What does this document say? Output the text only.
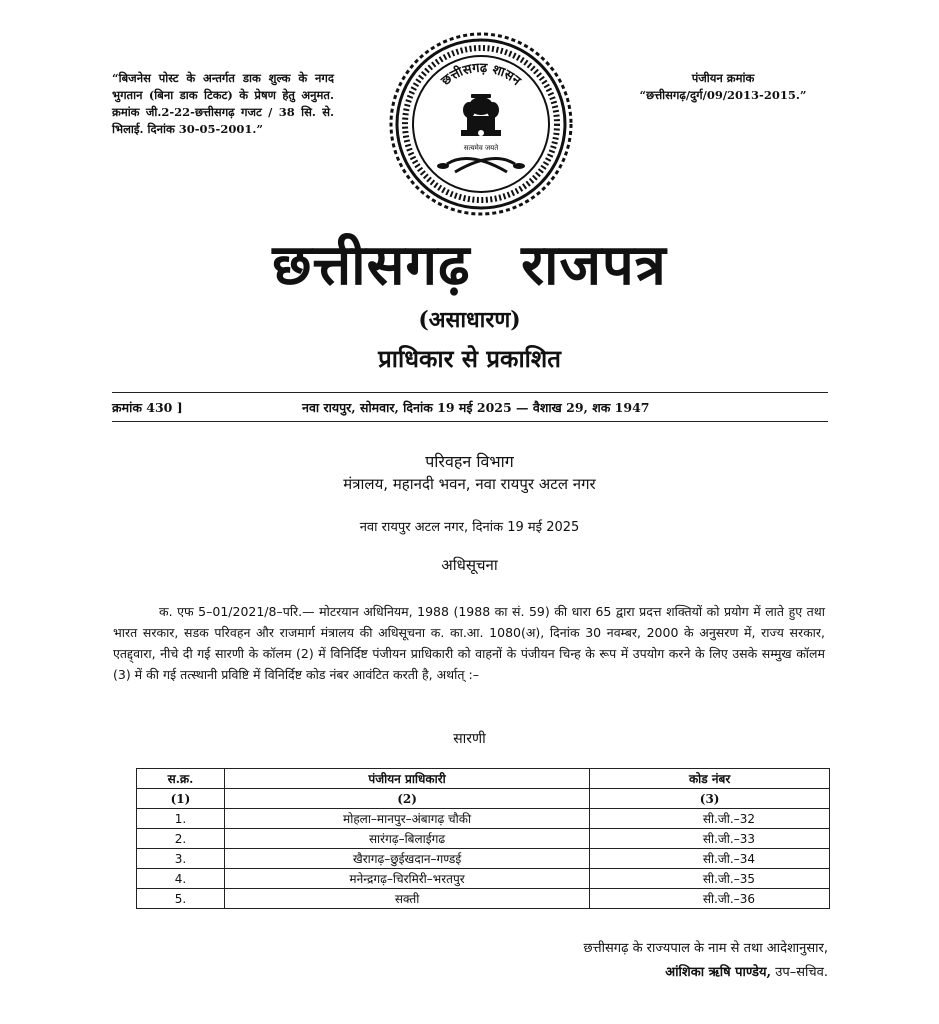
“बिजनेस पोस्ट के अन्तर्गत डाक शुल्क के नगद भुगतान (बिना डाक टिकट) के प्रेषण हेतु अनुमत. क्रमांक जी.2-22-छत्तीसगढ़ गजट / 38 सि. से. भिलाई. दिनांक 30-05-2001.”
पंजीयन क्रमांक
“छत्तीसगढ़/दुर्ग/09/2013-2015.”
छत्तीसगढ़ शासन
सत्यमेव जयते
छत्तीसगढ़ राजपत्र
(असाधारण)
प्राधिकार से प्रकाशित
क्रमांक 430 ]	नवा रायपुर, सोमवार, दिनांक 19 मई 2025 — वैशाख 29, शक 1947
परिवहन विभाग
मंत्रालय, महानदी भवन, नवा रायपुर अटल नगर
नवा रायपुर अटल नगर, दिनांक 19 मई 2025
अधिसूचना
क. एफ 5–01/2021/8–परि.— मोटरयान अधिनियम, 1988 (1988 का सं. 59) की धारा 65 द्वारा प्रदत्त शक्तियों को प्रयोग में लाते हुए तथा भारत सरकार, सडक परिवहन और राजमार्ग मंत्रालय की अधिसूचना क. का.आ. 1080(अ), दिनांक 30 नवम्बर, 2000 के अनुसरण में, राज्य सरकार, एतद्द्वारा, नीचे दी गई सारणी के कॉलम (2) में विनिर्दिष्ट पंजीयन प्राधिकारी को वाहनों के पंजीयन चिन्ह के रूप में उपयोग करने के लिए उसके सम्मुख कॉलम (3) में की गई तत्स्थानी प्रविष्टि में विनिर्दिष्ट कोड नंबर आवंटित करती है, अर्थात् :–
सारणी
स.क्र.	पंजीयन प्राधिकारी	कोड नंबर
(1)	(2)	(3)
1.	मोहला–मानपुर–अंबागढ़ चौकी	सी.जी.–32
2.	सारंगढ़–बिलाईगढ	सी.जी.–33
3.	खैरागढ़–छुईखदान–गण्डई	सी.जी.–34
4.	मनेन्द्रगढ़–चिरमिरी–भरतपुर	सी.जी.–35
5.	सक्ती	सी.जी.–36
छत्तीसगढ़ के राज्यपाल के नाम से तथा आदेशानुसार,
आंशिका ऋषि पाण्डेय, उप–सचिव.
